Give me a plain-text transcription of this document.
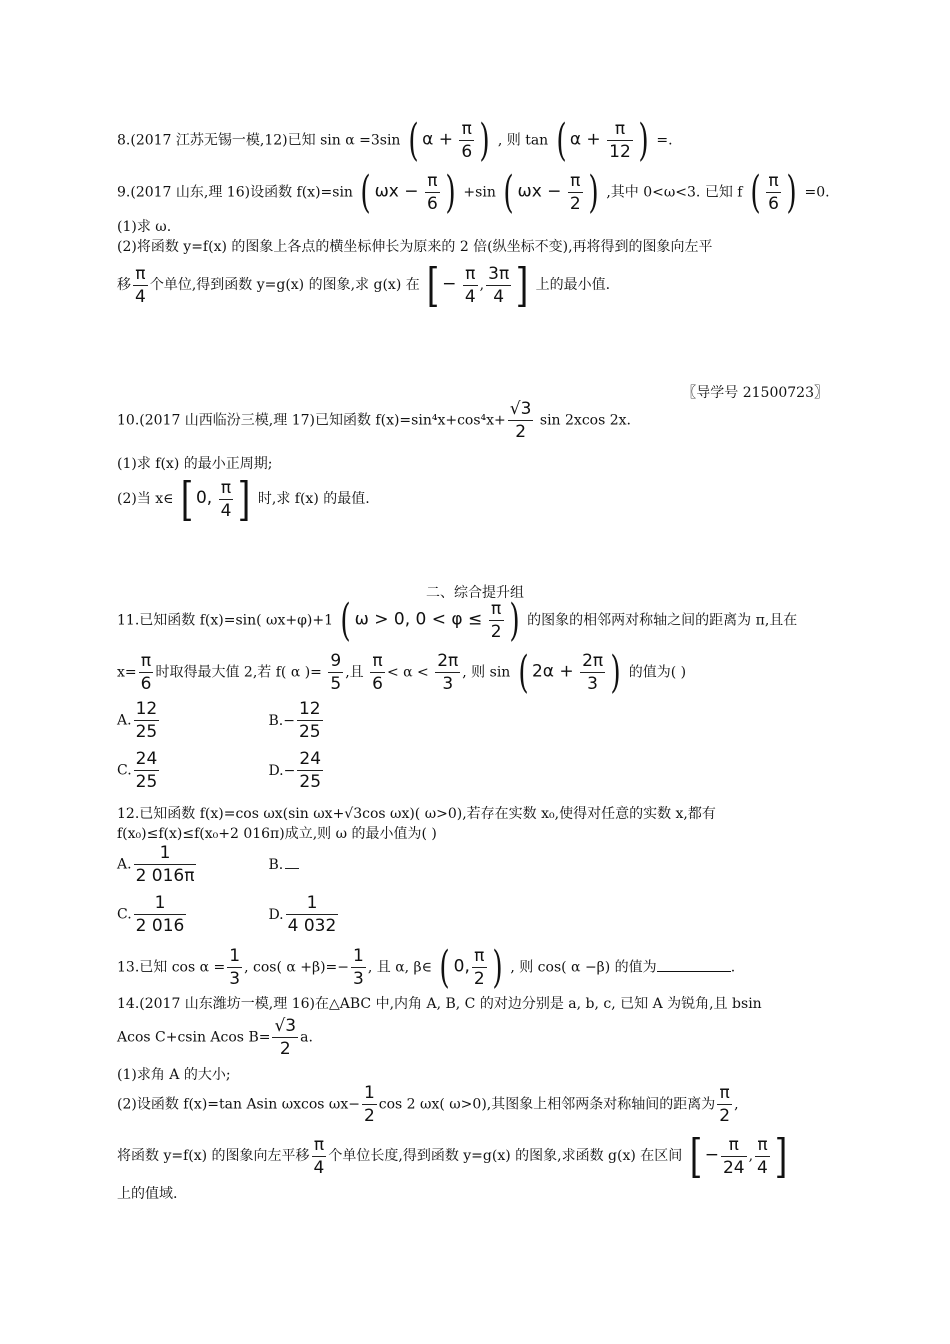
8.(2017 江苏无锡一模,12)已知 sin α =3sin ( $\alpha + \frac{\pi}{6}$ ) , 则 tan ( $\alpha + \frac{\pi}{12}$ ) =.
9.(2017 山东,理 16)设函数 f(x)=sin ( $\omega x - \frac{\pi}{6}$ ) +sin ( $\omega x - \frac{\pi}{2}$ ) ,其中 0<ω<3. 已知 f ( $\frac{\pi}{6}$ ) =0.
(1)求 ω.
(2)将函数 y=f(x) 的图象上各点的横坐标伸长为原来的 2 倍(纵坐标不变),再将得到的图象向左平
移 $\frac{\pi}{4}$ 个单位,得到函数 y=g(x) 的图象,求 g(x) 在 [ − $\frac{\pi}{4}$ , $\frac{3\pi}{4}$ ] 上的最小值.
〖导学号 21500723〗
10.(2017 山西临汾三模,理 17)已知函数 $f(x)=\sin^4x+\cos^4x+ \frac{√3}{2}$ sin 2xcos 2x.
(1)求 f(x) 的最小正周期;
(2)当 x∈ [ 0, $\frac{\pi}{4}$ ] 时,求 f(x) 的最值.
二、综合提升组
11.已知函数 f(x)=sin( ωx+φ)+1 ( ω > 0, $0 < \varphi \le \frac{\pi}{2}$ ) 的图象的相邻两对称轴之间的距离为 π,且在
$x= \frac{\pi}{6}$ 时取得最大值 2,若 f( α )= $\frac{9}{5}$ ,且 $\frac{\pi}{6} < \alpha < \frac{2\pi}{3}$ , 则 sin ( $2\alpha + \frac{2\pi}{3}$ ) 的值为( )
A. $\frac{12}{25}$	$B.- \frac{12}{25}$
C. $\frac{24}{25}$	$D.- \frac{24}{25}$
12.已知函数 f(x)=cos ωx(sin ωx+√3cos ωx)( ω>0),若存在实数 x₀,使得对任意的实数 x,都有
f(x₀)≤f(x)≤f(x₀+2 016π)成立,则 ω 的最小值为( )
A. $\frac{1}{2 016\pi}$	B.
C. $\frac{1}{2 016}$	D. $\frac{1}{4 032}$
13.已知 $\cos \alpha = \frac{1}{3}$ , cos( $\alpha +\beta)=- \frac{1}{3}$ , 且 α, β∈ ( 0, $\frac{\pi}{2}$ ) , 则 cos( α −β) 的值为	.
14.(2017 山东潍坊一模,理 16)在△ABC 中,内角 A, B, C 的对边分别是 a, b, c, 已知 A 为锐角,且 bsin
Acos C+csin Acos $B= \frac{√3}{2} a$.
(1)求角 A 的大小;
(2)设函数 f(x)=tan Asin ωxcos $\omega x- \frac{1}{2}$ cos 2 ωx( ω>0),其图象上相邻两条对称轴间的距离为 $\frac{\pi}{2}$ ,
将函数 y=f(x) 的图象向左平移 $\frac{\pi}{4}$ 个单位长度,得到函数 y=g(x) 的图象,求函数 g(x) 在区间 [ − $\frac{\pi}{24}$ , $\frac{\pi}{4}$ ]
上的值域.
